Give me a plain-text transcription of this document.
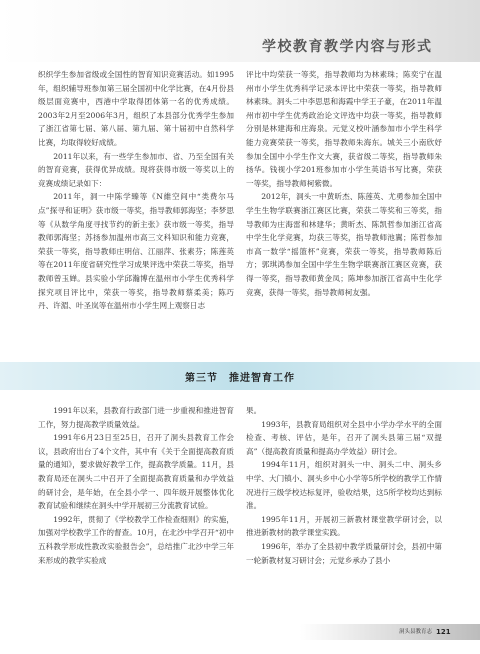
学校教育教学内容与形式

织织学生参加省级或全国性的智育知识竞赛活动。如1995年，组织辅导班参加第三届全国初中化学比赛，在4月份县级层面竞赛中，西港中学取得团体第一名的优秀成绩。2003年2月至2006年3月，组织了本县部分优秀学生参加了浙江省第七届、第八届、第九届、第十届初中自然科学比赛，均取得较好成绩。

2011年以来，有一些学生参加市、省、乃至全国有关的智育竞赛，获得优异成绩。现将获得市级一等奖以上的竞赛成绩记录如下：

2011年，洞一中陈学臻等《N維空间中“类费尔马点”探寻和证明》获市级一等奖，指导教师郭海坚；李梦思等《从数学角度寻找节约的新主张》获市级一等奖，指导教师郭海坚；苏扬参加温州市高三文科知识和能力竞赛，荣获一等奖，指导教师庄明信、江丽萍、张素芬；陈莲英等在2011年度省研究性学习成果评选中荣获二等奖，指导教师曾玉婵。县实验小学邱瀚博在温州市小学生优秀科学探究项目评比中，荣获一等奖，指导教师蔡柔美；陈巧丹、许湄、叶圣岚等在温州市小学生网上观察日志

评比中均荣获一等奖，指导教师均为林素珠；陈奕宁在温州市小学生优秀科学记录本评比中荣获一等奖，指导教师林素珠。洞头二中李思思和海霞中学王子豪，在2011年温州市初中学生优秀政治论文评选中均获一等奖，指导教师分别是林建海和庄海泉。元觉义校叶涵参加市小学生科学能力竞赛荣获一等奖，指导教师朱海东。城关三小南欣妤参加全国中小学生作文大赛，获省级二等奖，指导教师朱扬华。钱视小学201班参加市小学生英语书写比赛，荣获一等奖，指导教师柯紫微。

2012年，洞头一中黄昕杰、陈莲英、尤勇参加全国中学生生物学联赛浙江赛区比赛，荣获二等奖和三等奖，指导教师为庄海雷和林建华；黄昕杰、陈凯哲参加浙江省高中学生化学竞赛，均获三等奖，指导教师池翼；陈哲参加市高一数学“摇篮杯”竞赛，荣获一等奖，指导教师陈后方；郭琪鸿参加全国中学生生物学联赛浙江赛区竞赛，获得一等奖，指导教师黄金凤；陈坤参加浙江省高中生化学竞赛，获得一等奖，指导教师柯友强。

第三节　推进智育工作

1991年以来，县教育行政部门进一步重视和推进智育工作，努力提高教学质量效益。

1991年6月23日至25日，召开了洞头县教育工作会议，县政府出台了4个文件，其中有《关于全面提高教育质量的通知》，要求做好教学工作，提高教学质量。11月，县教育局还在洞头二中召开了全面提高教育质量和办学效益的研讨会，是年始，在全县小学一、四年级开展整体优化教育试验和继续在洞头中学开展初三分流教育试验。

1992年，贯彻了《学校教学工作检查细则》的实施，加强对学校教学工作的督查。10月，在北沙中学召开“初中五科教学形成性教改实验报告会”，总结推广北沙中学三年来形成的教学实验成

果。

1993年，县教育局组织对全县中小学办学水平的全面检查、考核、评估，是年，召开了洞头县第三届“双提高”（提高教育质量和提高办学效益）研讨会。

1994年11月，组织对洞头一中、洞头二中、洞头乡中学、大门镇小、洞头乡中心小学等5所学校的教学工作情况进行三级学校达标复评，验收结果，这5所学校均达到标准。

1995年11月，开展初三新教材课堂教学研讨会，以推进新教材的教学课堂实践。

1996年，举办了全县初中教学质量研讨会，县初中第一轮新教材复习研讨会；元觉乡承办了县小

洞头县教育志 121
